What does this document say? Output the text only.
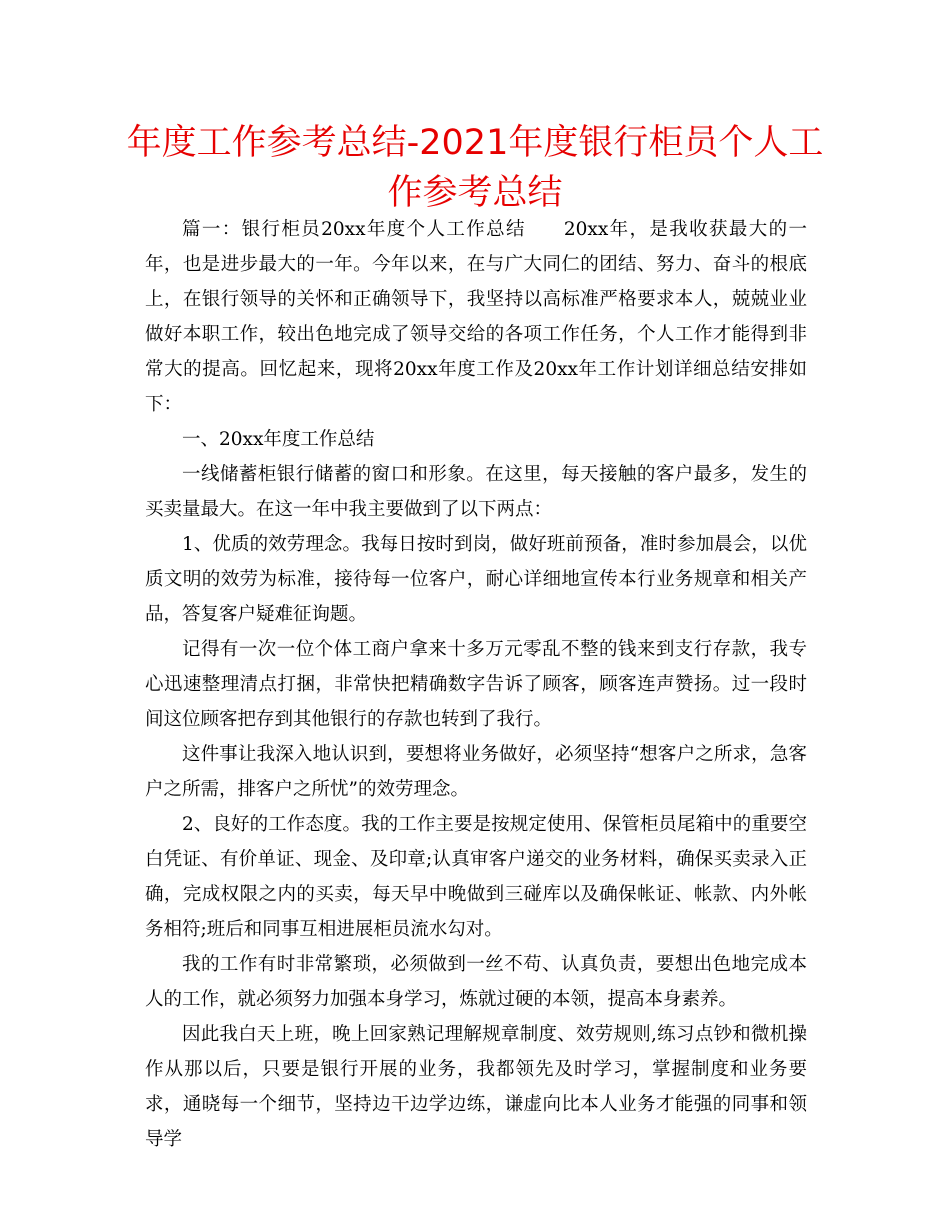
年度工作参考总结-2021年度银行柜员个人工作参考总结

篇一：银行柜员20xx年度个人工作总结 20xx年，是我收获最大的一年，也是进步最大的一年。今年以来，在与广大同仁的团结、努力、奋斗的根底上，在银行领导的关怀和正确领导下，我坚持以高标准严格要求本人，兢兢业业做好本职工作，较出色地完成了领导交给的各项工作任务，个人工作才能得到非常大的提高。回忆起来，现将20xx年度工作及20xx年工作计划详细总结安排如下：

一、20xx年度工作总结

一线储蓄柜银行储蓄的窗口和形象。在这里，每天接触的客户最多，发生的买卖量最大。在这一年中我主要做到了以下两点：

1、优质的效劳理念。我每日按时到岗，做好班前预备，准时参加晨会，以优质文明的效劳为标准，接待每一位客户，耐心详细地宣传本行业务规章和相关产品，答复客户疑难征询题。

记得有一次一位个体工商户拿来十多万元零乱不整的钱来到支行存款，我专心迅速整理清点打捆，非常快把精确数字告诉了顾客，顾客连声赞扬。过一段时间这位顾客把存到其他银行的存款也转到了我行。

这件事让我深入地认识到，要想将业务做好，必须坚持“想客户之所求，急客户之所需，排客户之所忧”的效劳理念。

2、良好的工作态度。我的工作主要是按规定使用、保管柜员尾箱中的重要空白凭证、有价单证、现金、及印章;认真审客户递交的业务材料，确保买卖录入正确，完成权限之内的买卖，每天早中晚做到三碰库以及确保帐证、帐款、内外帐务相符;班后和同事互相进展柜员流水勾对。

我的工作有时非常繁琐，必须做到一丝不苟、认真负责，要想出色地完成本人的工作，就必须努力加强本身学习，炼就过硬的本领，提高本身素养。

因此我白天上班，晚上回家熟记理解规章制度、效劳规则,练习点钞和微机操作从那以后，只要是银行开展的业务，我都领先及时学习，掌握制度和业务要求，通晓每一个细节，坚持边干边学边练，谦虚向比本人业务才能强的同事和领导学
